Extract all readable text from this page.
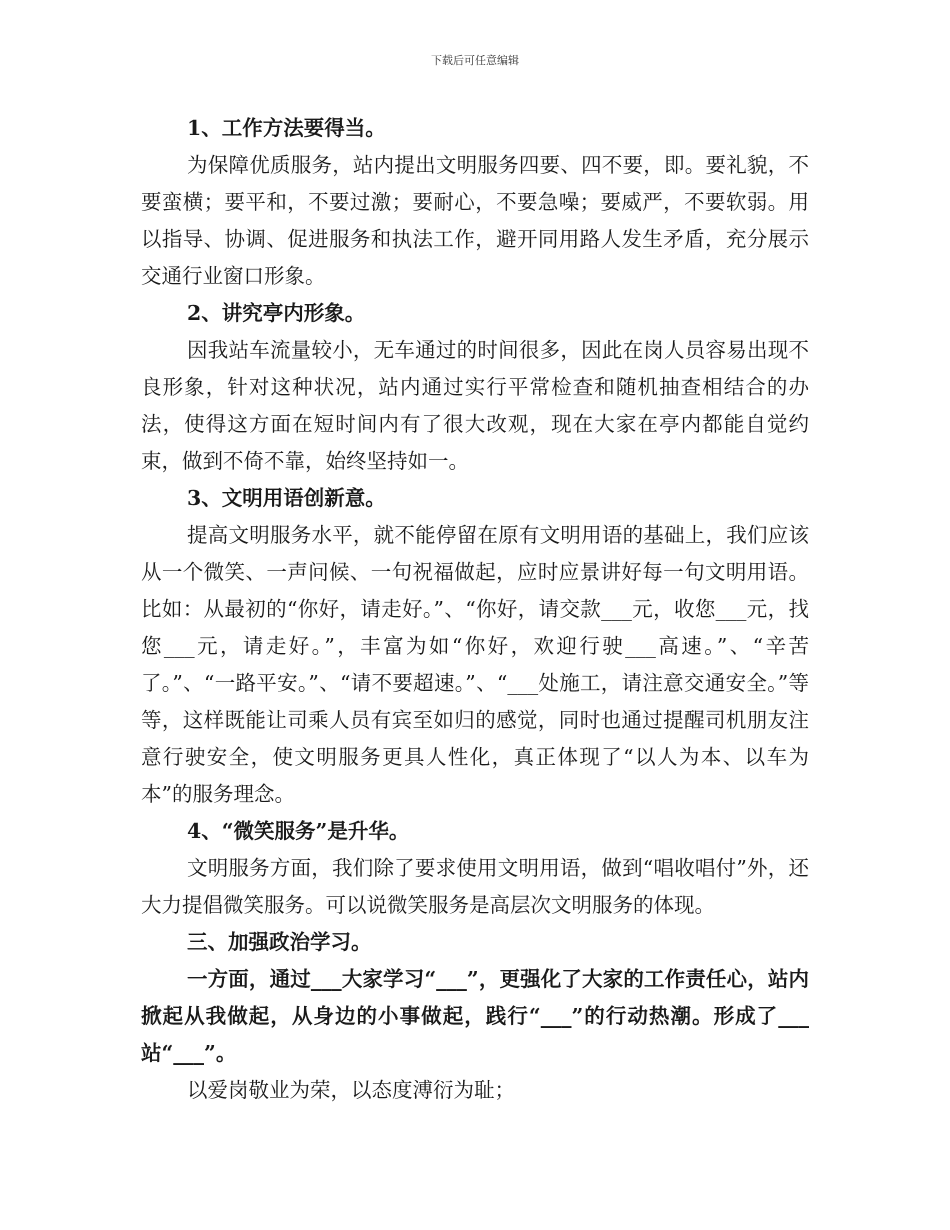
下载后可任意编辑

1、工作方法要得当。

为保障优质服务，站内提出文明服务四要、四不要，即。要礼貌，不要蛮横；要平和，不要过激；要耐心，不要急噪；要威严，不要软弱。用以指导、协调、促进服务和执法工作，避开同用路人发生矛盾，充分展示交通行业窗口形象。

2、讲究亭内形象。

因我站车流量较小，无车通过的时间很多，因此在岗人员容易出现不良形象，针对这种状况，站内通过实行平常检查和随机抽查相结合的办法，使得这方面在短时间内有了很大改观，现在大家在亭内都能自觉约束，做到不倚不靠，始终坚持如一。

3、文明用语创新意。

提高文明服务水平，就不能停留在原有文明用语的基础上，我们应该从一个微笑、一声问候、一句祝福做起，应时应景讲好每一句文明用语。比如：从最初的“你好，请走好。”、“你好，请交款___元，收您___元，找您___元，请走好。”，丰富为如“你好，欢迎行驶___高速。”、“辛苦了。”、“一路平安。”、“请不要超速。”、“___处施工，请注意交通安全。”等等，这样既能让司乘人员有宾至如归的感觉，同时也通过提醒司机朋友注意行驶安全，使文明服务更具人性化，真正体现了“以人为本、以车为本”的服务理念。

4、“微笑服务”是升华。

文明服务方面，我们除了要求使用文明用语，做到“唱收唱付”外，还大力提倡微笑服务。可以说微笑服务是高层次文明服务的体现。

三、加强政治学习。

一方面，通过___大家学习“___”，更强化了大家的工作责任心，站内掀起从我做起，从身边的小事做起，践行“___”的行动热潮。形成了___站“___”。

以爱岗敬业为荣，以态度溥衍为耻；
